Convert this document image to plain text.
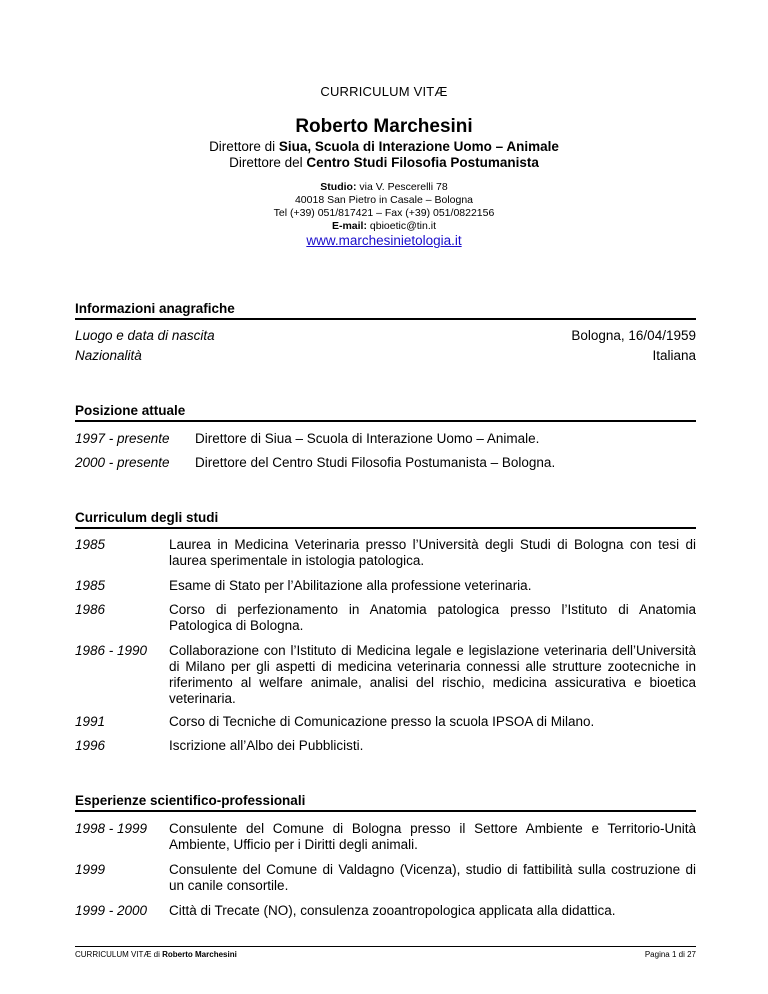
CURRICULUM VITÆ
Roberto Marchesini
Direttore di Siua, Scuola di Interazione Uomo – Animale
Direttore del Centro Studi Filosofia Postumanista
Studio: via V. Pescerelli 78
40018 San Pietro in Casale – Bologna
Tel (+39) 051/817421 – Fax (+39) 051/0822156
E-mail: qbioetic@tin.it
www.marchesinietologia.it
Informazioni anagrafiche
Luogo e data di nascita	Bologna, 16/04/1959
Nazionalità	Italiana
Posizione attuale
1997 - presente Direttore di Siua – Scuola di Interazione Uomo – Animale.
2000 - presente Direttore del Centro Studi Filosofia Postumanista – Bologna.
Curriculum degli studi
1985	Laurea in Medicina Veterinaria presso l’Università degli Studi di Bologna con tesi di laurea sperimentale in istologia patologica.
1985	Esame di Stato per l’Abilitazione alla professione veterinaria.
1986	Corso di perfezionamento in Anatomia patologica presso l’Istituto di Anatomia Patologica di Bologna.
1986 - 1990 Collaborazione con l’Istituto di Medicina legale e legislazione veterinaria dell’Università di Milano per gli aspetti di medicina veterinaria connessi alle strutture zootecniche in riferimento al welfare animale, analisi del rischio, medicina assicurativa e bioetica veterinaria.
1991	Corso di Tecniche di Comunicazione presso la scuola IPSOA di Milano.
1996	Iscrizione all’Albo dei Pubblicisti.
Esperienze scientifico-professionali
1998 - 1999 Consulente del Comune di Bologna presso il Settore Ambiente e Territorio-Unità Ambiente, Ufficio per i Diritti degli animali.
1999	Consulente del Comune di Valdagno (Vicenza), studio di fattibilità sulla costruzione di un canile consortile.
1999 - 2000 Città di Trecate (NO), consulenza zooantropologica applicata alla didattica.
CURRICULUM VITÆ di Roberto Marchesini	Pagina 1 di 27
